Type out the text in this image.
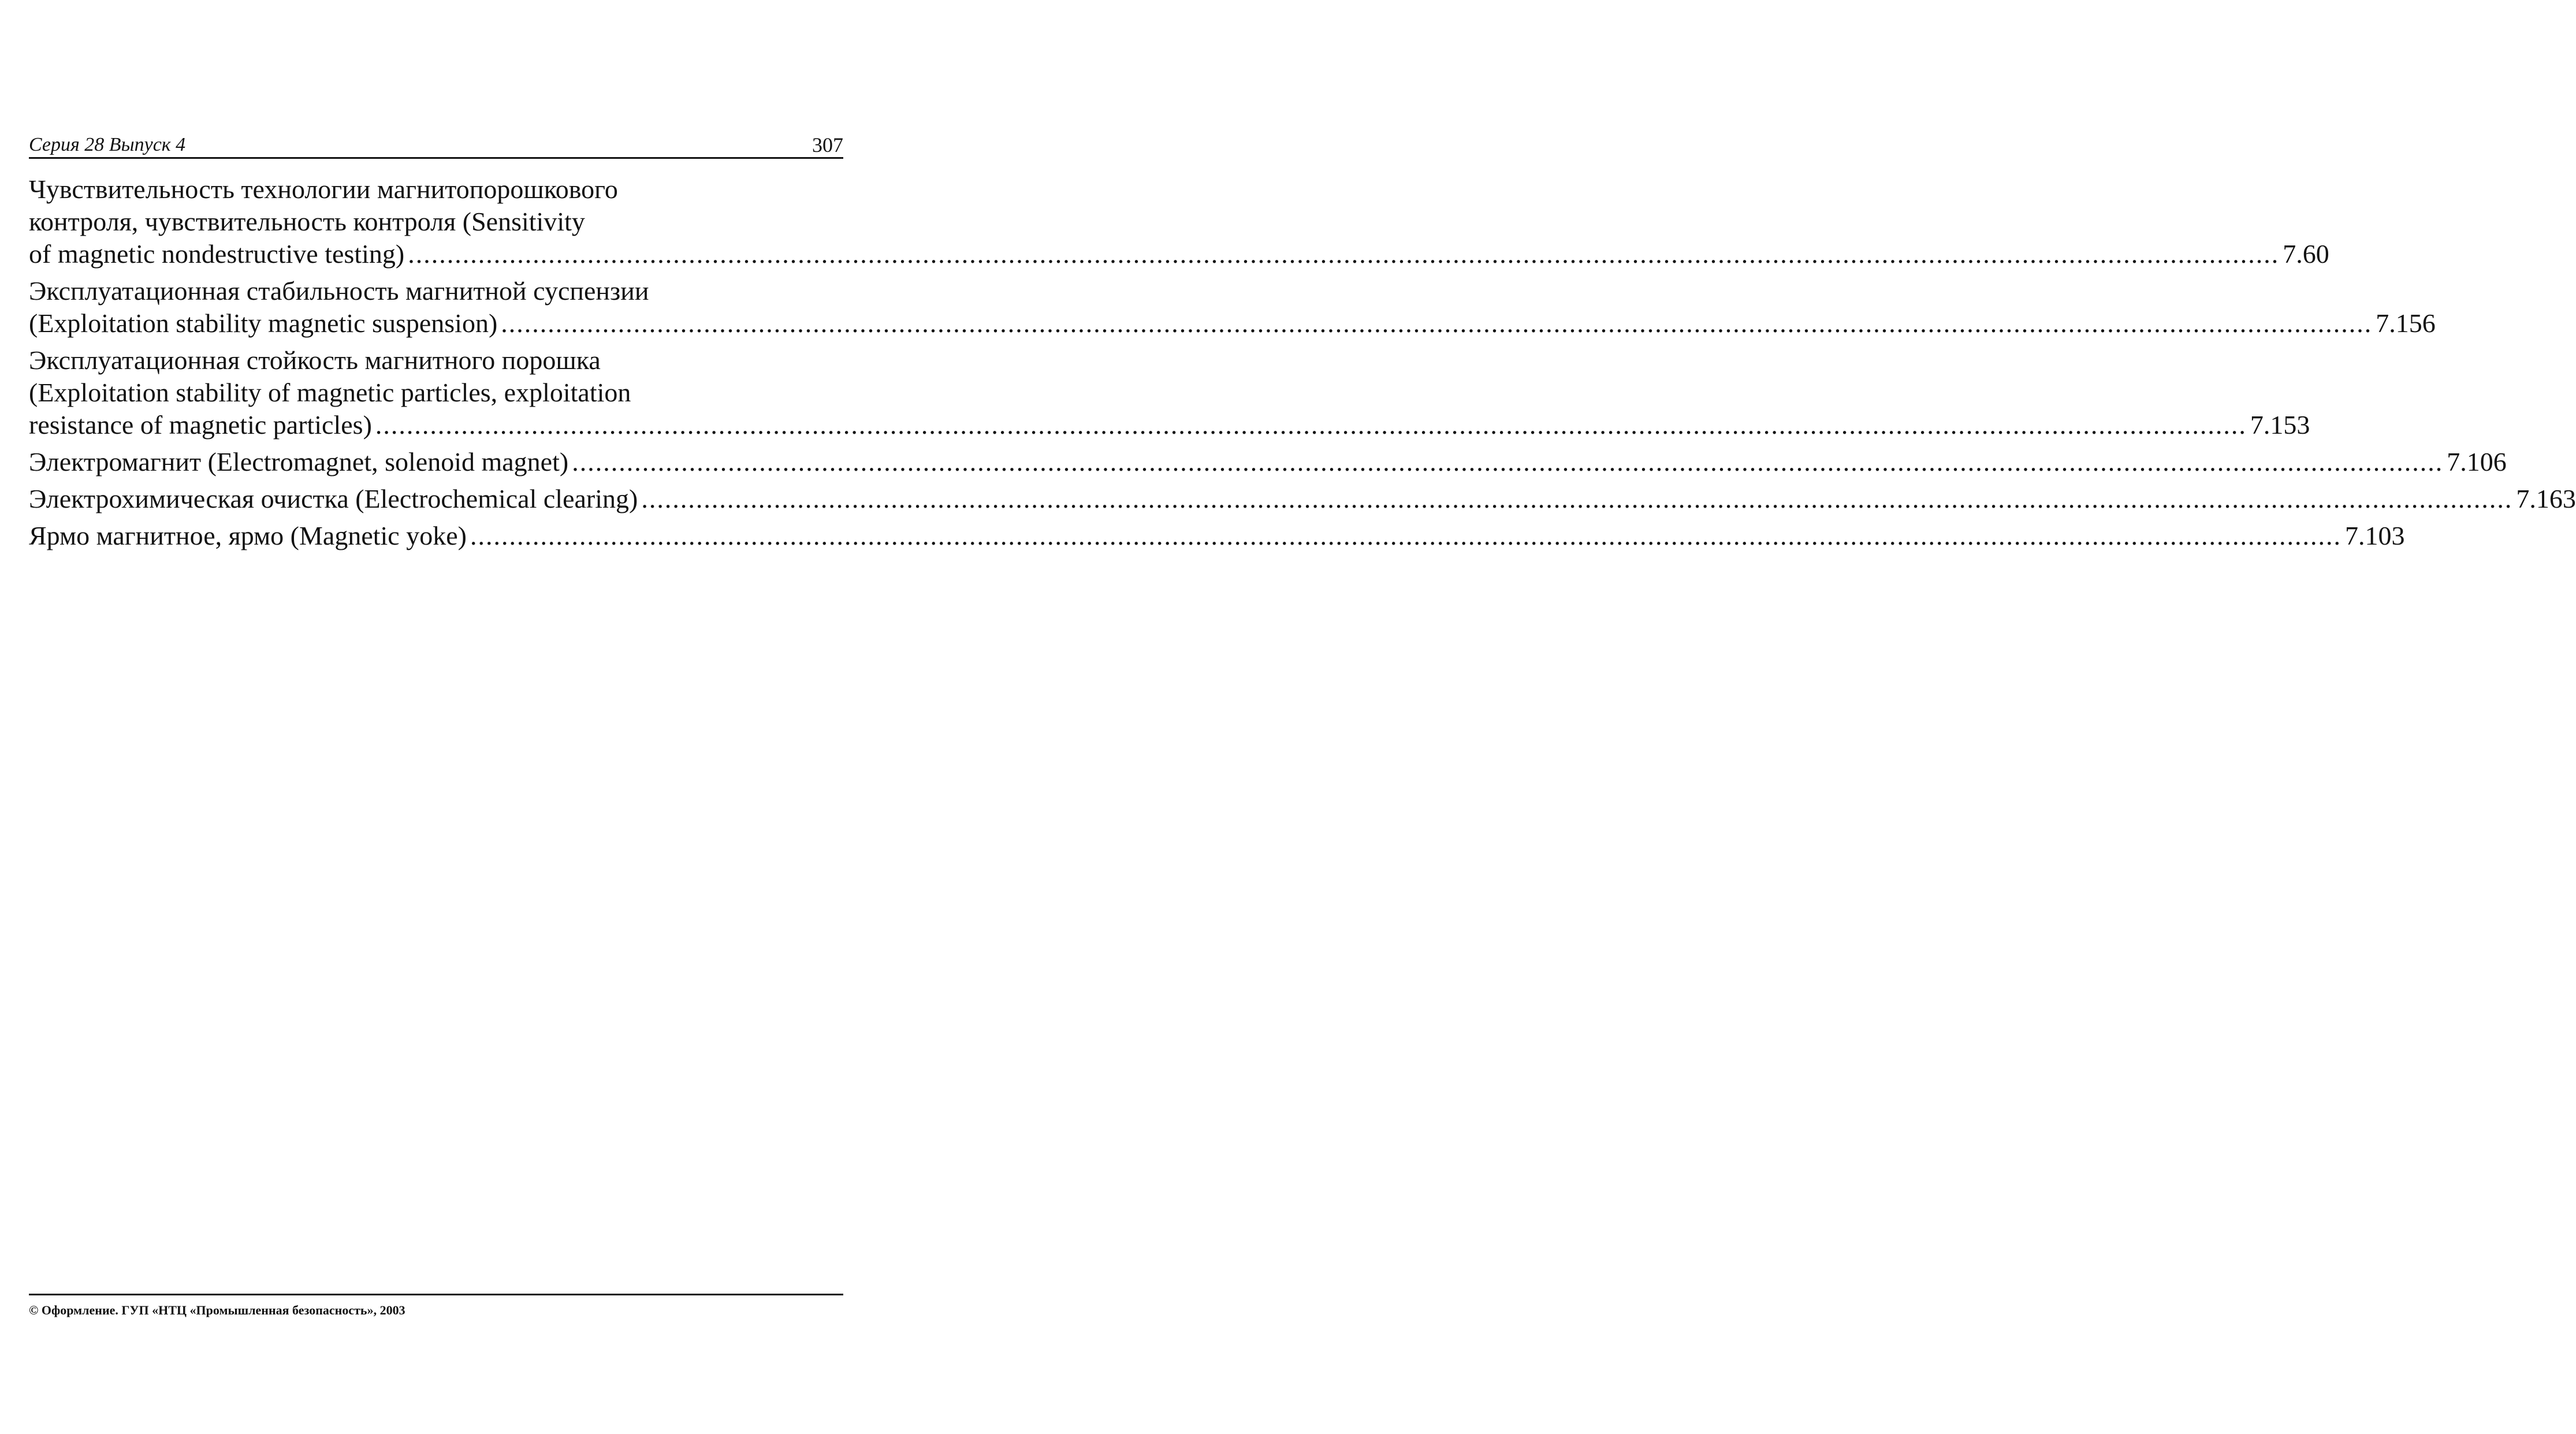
Серия 28 Выпуск 4	307
Чувствительность технологии магнитопорошкового
контроля, чувствительность контроля (Sensitivity
of magnetic nondestructive testing) ................................................................................................................................................................................................................................................ 7.60
Эксплуатационная стабильность магнитной суспензии
(Exploitation stability magnetic suspension) ................................................................................................................................................................................................................................................ 7.156
Эксплуатационная стойкость магнитного порошка
(Exploitation stability of magnetic particles, exploitation
resistance of magnetic particles) ................................................................................................................................................................................................................................................ 7.153
Электромагнит (Electromagnet, solenoid magnet) ................................................................................................................................................................................................................................................ 7.106
Электрохимическая очистка (Electrochemical clearing) ................................................................................................................................................................................................................................................ 7.163
Ярмо магнитное, ярмо (Magnetic yoke) ................................................................................................................................................................................................................................................ 7.103
© Оформление. ГУП «НТЦ «Промышленная безопасность», 2003
